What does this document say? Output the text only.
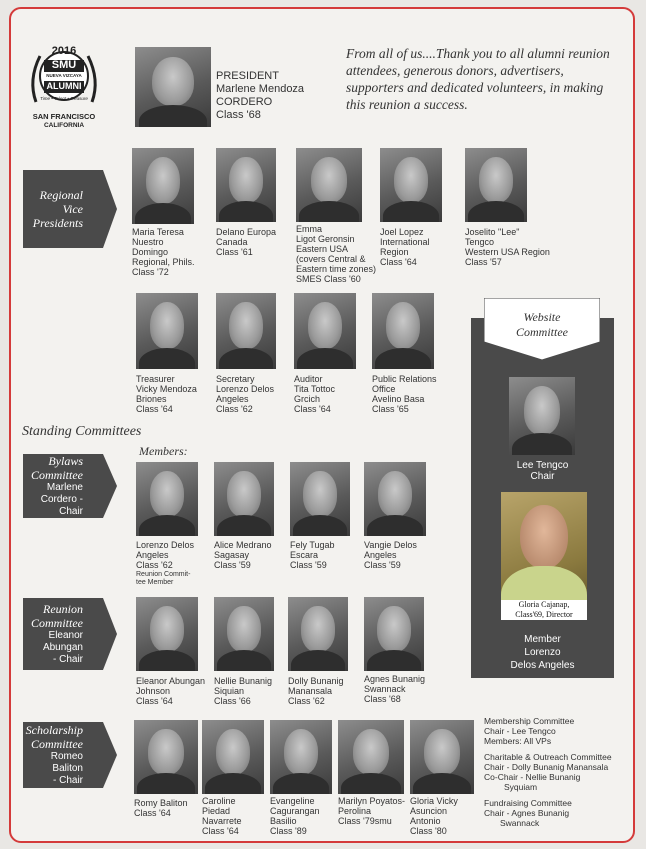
2016
SMU
NUEVA VIZCAYA
ALUMNI
Time • Talent • Treasure
SAN FRANCISCO
CALIFORNIA
PRESIDENT
Marlene Mendoza
CORDERO
Class '68
From all of us....Thank you to all alumni reunion attendees, generous donors, advertisers, supporters and dedicated volunteers, in making this reunion a success.
Regional
Vice
Presidents
Maria Teresa
Nuestro
Domingo
Regional, Phils.
Class '72
Delano Europa
Canada
Class '61
Emma
Ligot Geronsin
Eastern USA
(covers Central &
Eastern time zones)
SMES Class '60
Joel Lopez
International
Region
Class '64
Joselito "Lee"
Tengco
Western USA Region
Class '57
Treasurer
Vicky Mendoza
Briones
Class '64
Secretary
Lorenzo Delos
Angeles
Class '62
Auditor
Tita Tottoc
Grcich
Class '64
Public Relations
Office
Avelino Basa
Class '65
Standing Committees
Members:
Bylaws
Committee
Marlene
Cordero - Chair
Lorenzo Delos
Angeles
Class '62
Reunion Commit-
tee Member
Alice Medrano
Sagasay
Class '59
Fely Tugab
Escara
Class '59
Vangie Delos
Angeles
Class '59
Reunion
Committee
Eleanor
Abungan
- Chair
Eleanor Abungan
Johnson
Class '64
Nellie Bunanig
Siquian
Class '66
Dolly Bunanig
Manansala
Class '62
Agnes Bunanig
Swannack
Class '68
Scholarship
Committee
Romeo Baliton
- Chair
Romy Baliton
Class '64
Caroline
Piedad
Navarrete
Class '64
Evangeline
Cagurangan
Basilio
Class '89
Marilyn Poyatos-
Perolina
Class '79smu
Gloria Vicky
Asuncion
Antonio
Class '80
Website
Committee
Lee Tengco
Chair
Gloria Cajanap,
Class'69, Director
Member
Lorenzo
Delos Angeles
Membership Committee
Chair - Lee Tengco
Members: All VPs
Charitable & Outreach Committee
Chair - Dolly Bunanig Manansala
Co-Chair - Nellie Bunanig
Syquiam
Fundraising Committee
Chair - Agnes Bunanig
Swannack
